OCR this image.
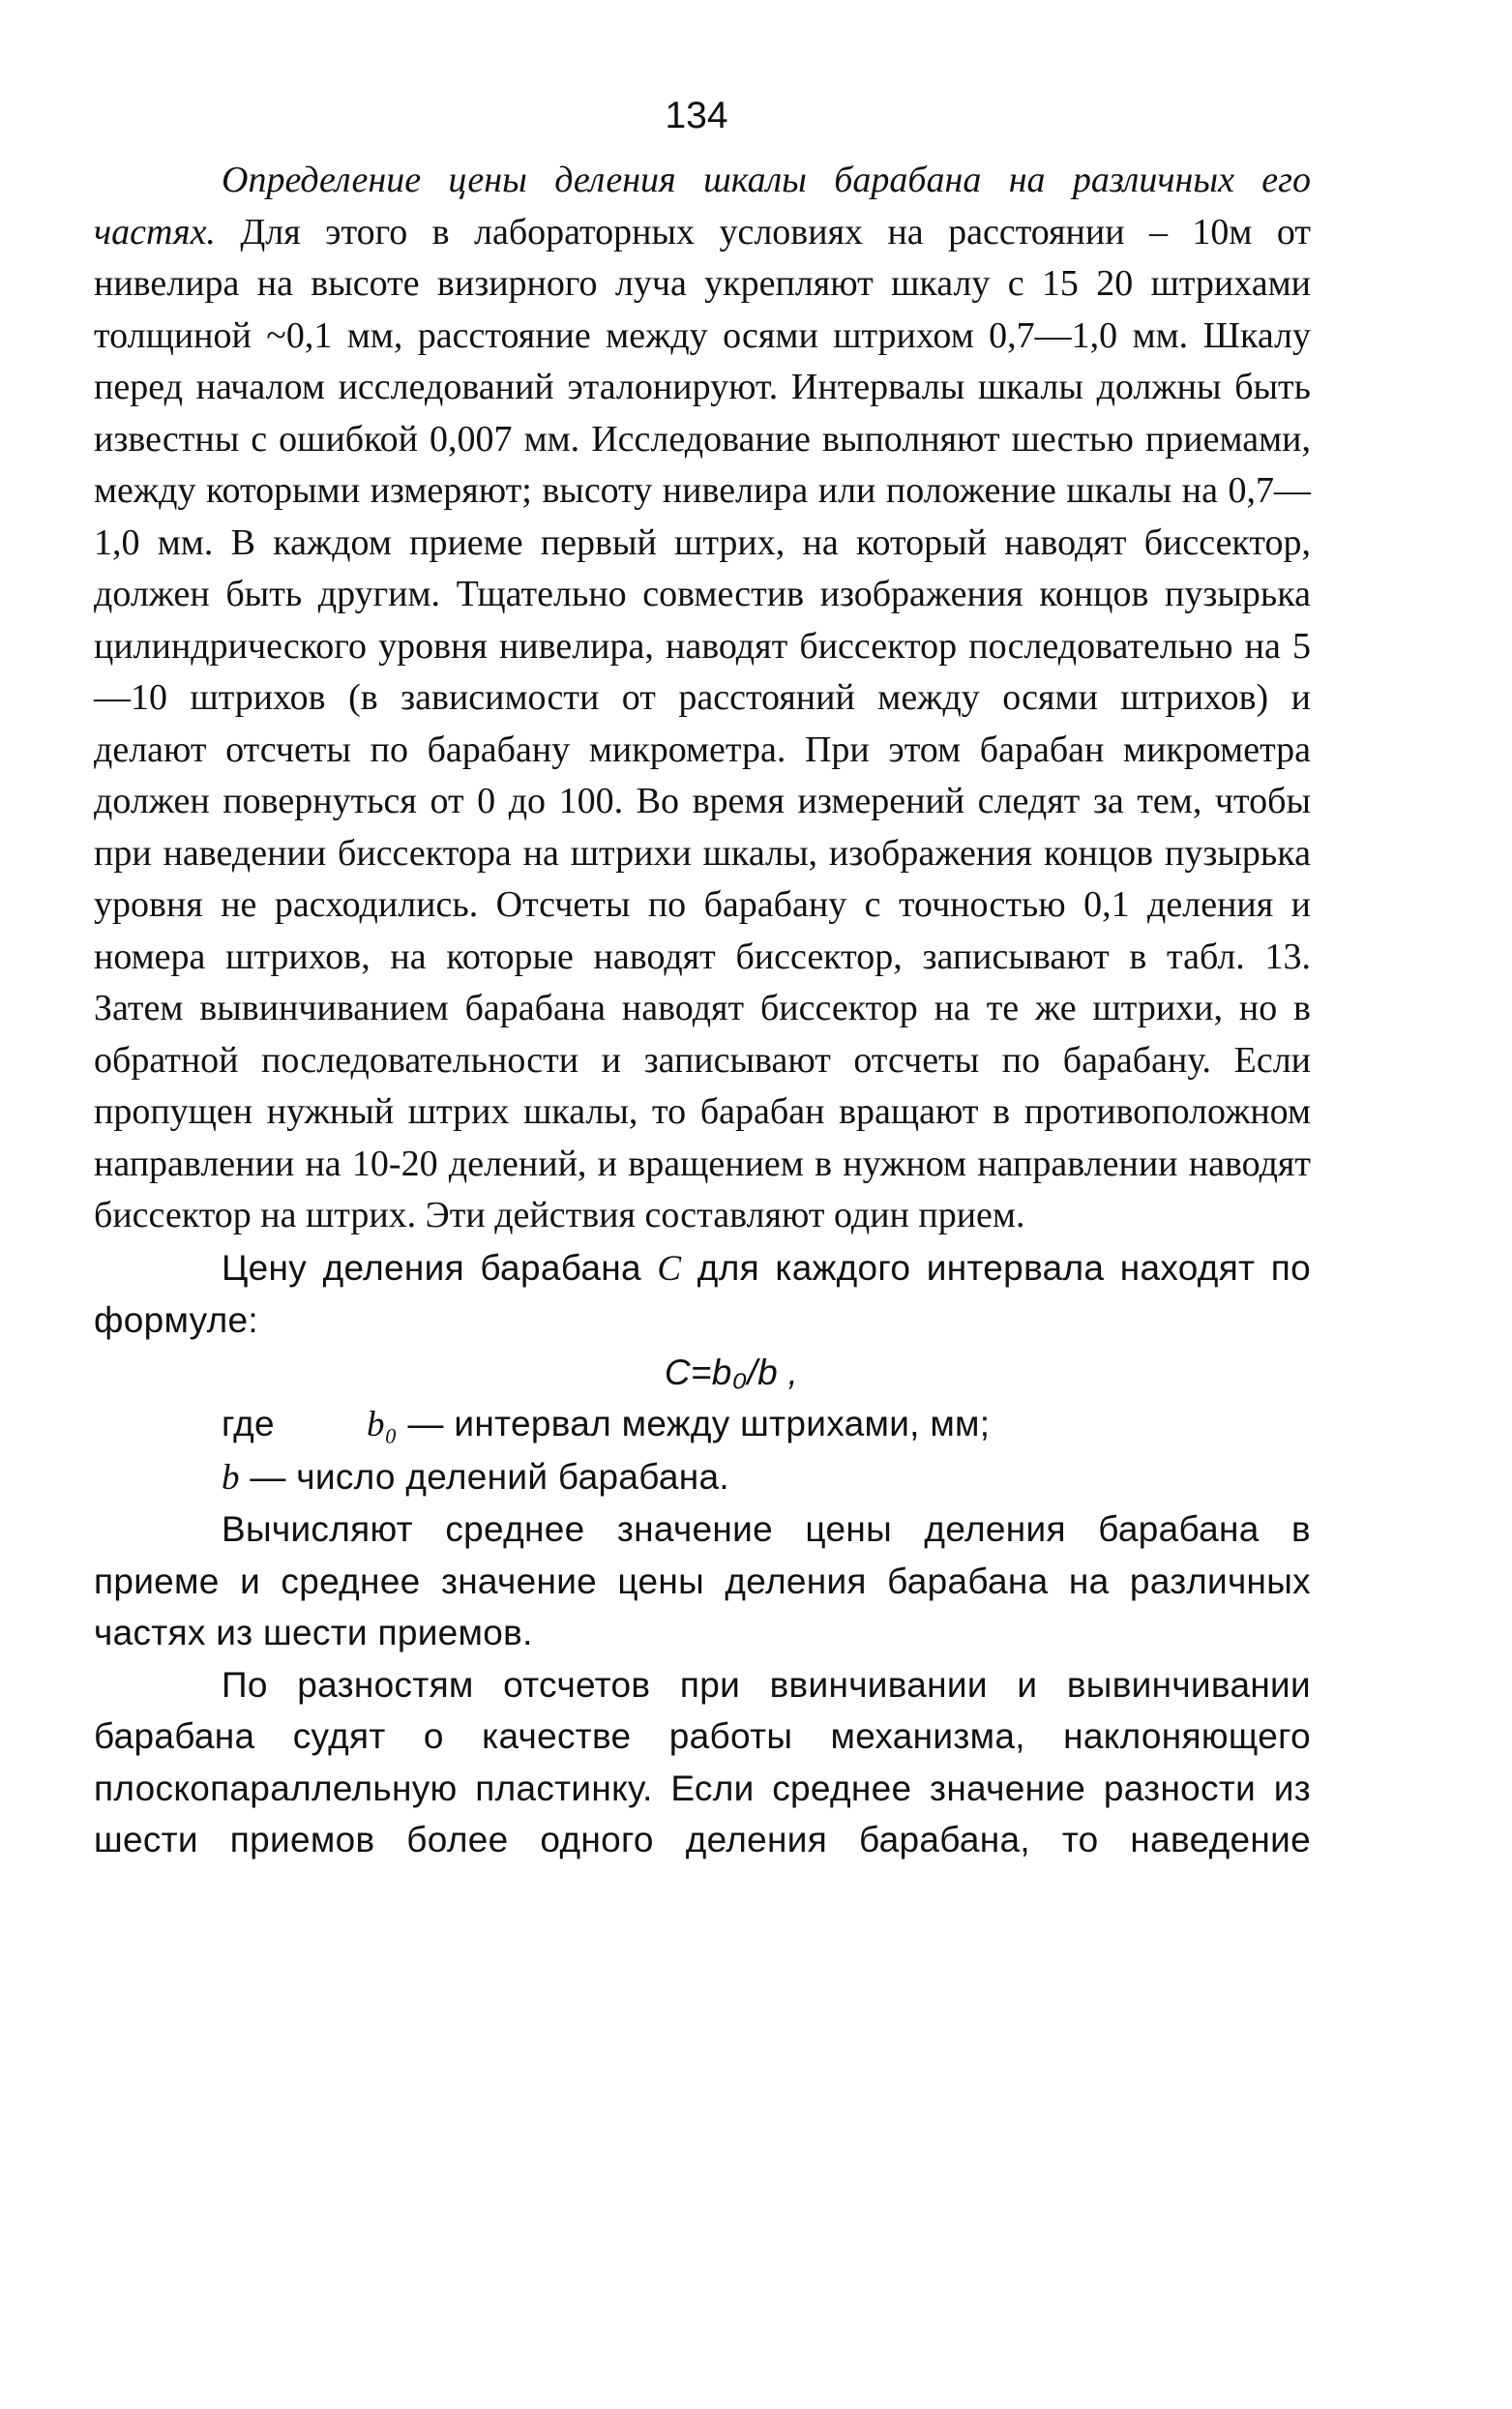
134

Определение цены деления шкалы барабана на различных его частях. Для этого в лабораторных условиях на расстоянии – 10м от нивелира на высоте визирного луча укрепляют шкалу с 15 20 штрихами толщиной ~0,1 мм, расстояние между осями штрихом 0,7—1,0 мм. Шкалу перед началом исследований эталонируют. Интервалы шкалы должны быть известны с ошибкой 0,007 мм. Исследование выполняют шестью приемами, между которыми измеряют; высоту нивелира или положение шкалы на 0,7—1,0 мм. В каждом приеме первый штрих, на который наводят биссектор, должен быть другим. Тщательно совместив изображения концов пузырька цилиндрического уровня нивелира, наводят биссектор последовательно на 5—10 штрихов (в зависимости от расстояний между осями штрихов) и делают отсчеты по барабану микрометра. При этом барабан микрометра должен повернуться от 0 до 100. Во время измерений следят за тем, чтобы при наведении биссектора на штрихи шкалы, изображения концов пузырька уровня не расходились. Отсчеты по барабану с точностью 0,1 деления и номера штрихов, на которые наводят биссектор, записывают в табл. 13. Затем вывинчиванием барабана наводят биссектор на те же штрихи, но в обратной последовательности и записывают отсчеты по барабану. Если пропущен нужный штрих шкалы, то барабан вращают в противоположном направлении на 10-20 делений, и вращением в нужном направлении наводят биссектор на штрих. Эти действия составляют один прием.

Цену деления барабана С для каждого интервала находят по формуле:

C=b₀/b ,

где	b₀ — интервал между штрихами, мм;

b — число делений барабана.

Вычисляют среднее значение цены деления барабана в приеме и среднее значение цены деления барабана на различных частях из шести приемов.

По разностям отсчетов при ввинчивании и вывинчивании барабана судят о качестве работы механизма, наклоняющего плоскопараллельную пластинку. Если среднее значение разности из шести приемов более одного деления барабана, то наведение
